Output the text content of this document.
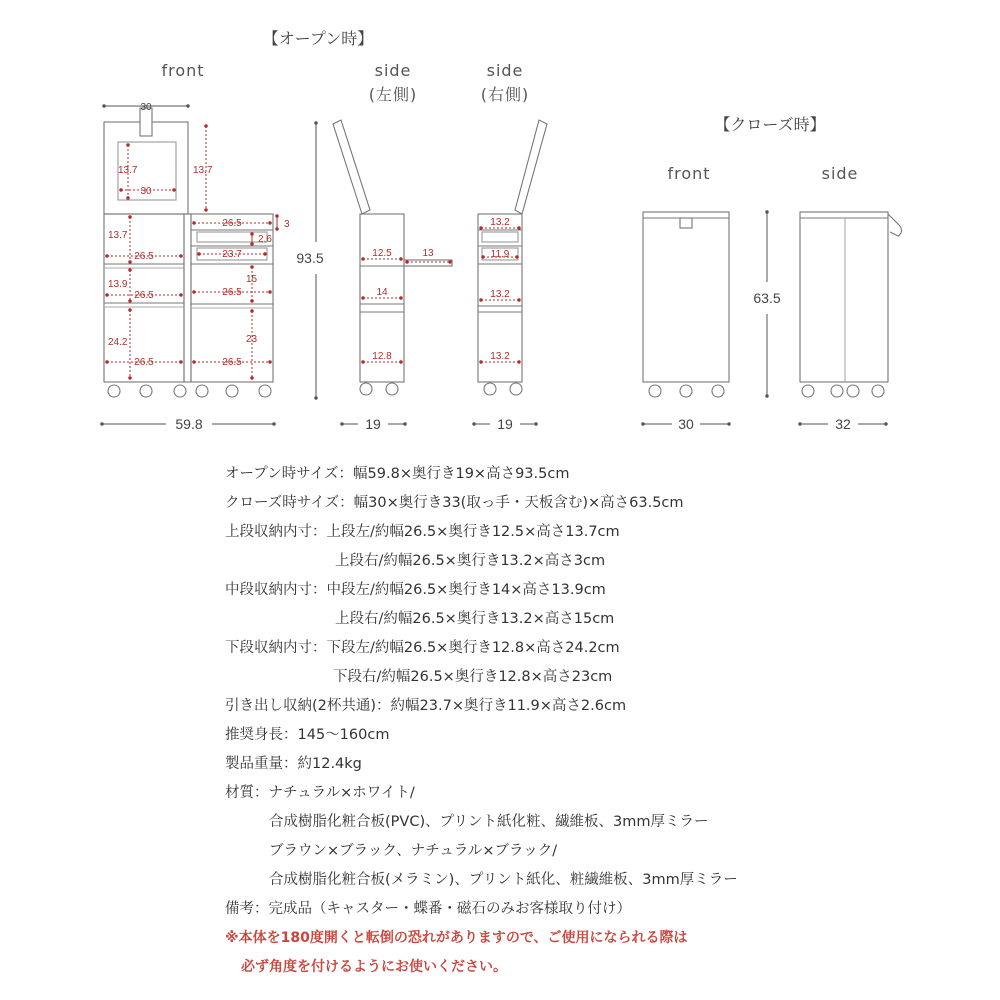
【オープン時】
【クローズ時】
front	side
(左側)
side
(右側)
front	side
30
13.7
30
13.7
13.7
26.5
13.9
26.5
24.2
26.5
26.5	3
2.6
23.7
15
26.5
23
26.5
59.8
93.5	12.5	13
14
12.8
19
13.2
11.9
13.2
13.2
19
63.5
30	32
オープン時サイズ： 幅59.8×奥行き19×高さ93.5cm
クローズ時サイズ： 幅30×奥行き33(取っ手・天板含む)×高さ63.5cm
上段収納内寸： 上段左/約幅26.5×奥行き12.5×高さ13.7cm
上段右/約幅26.5×奥行き13.2×高さ3cm
中段収納内寸： 中段左/約幅26.5×奥行き14×高さ13.9cm
上段右/約幅26.5×奥行き13.2×高さ15cm
下段収納内寸： 下段左/約幅26.5×奥行き12.8×高さ24.2cm
下段右/約幅26.5×奥行き12.8×高さ23cm
引き出し収納(2杯共通)： 約幅23.7×奥行き11.9×高さ2.6cm
推奨身長： 145〜160cm
製品重量： 約12.4kg
材質： ナチュラル×ホワイト/
合成樹脂化粧合板(PVC)、プリント紙化粧、繊維板、3mm厚ミラー
ブラウン×ブラック、ナチュラル×ブラック/
合成樹脂化粧合板(メラミン)、プリント紙化、粧繊維板、3mm厚ミラー
備考： 完成品（キャスター・蝶番・磁石のみお客様取り付け）
※本体を180度開くと転倒の恐れがありますので、ご使用になられる際は
必ず角度を付けるようにお使いください。
